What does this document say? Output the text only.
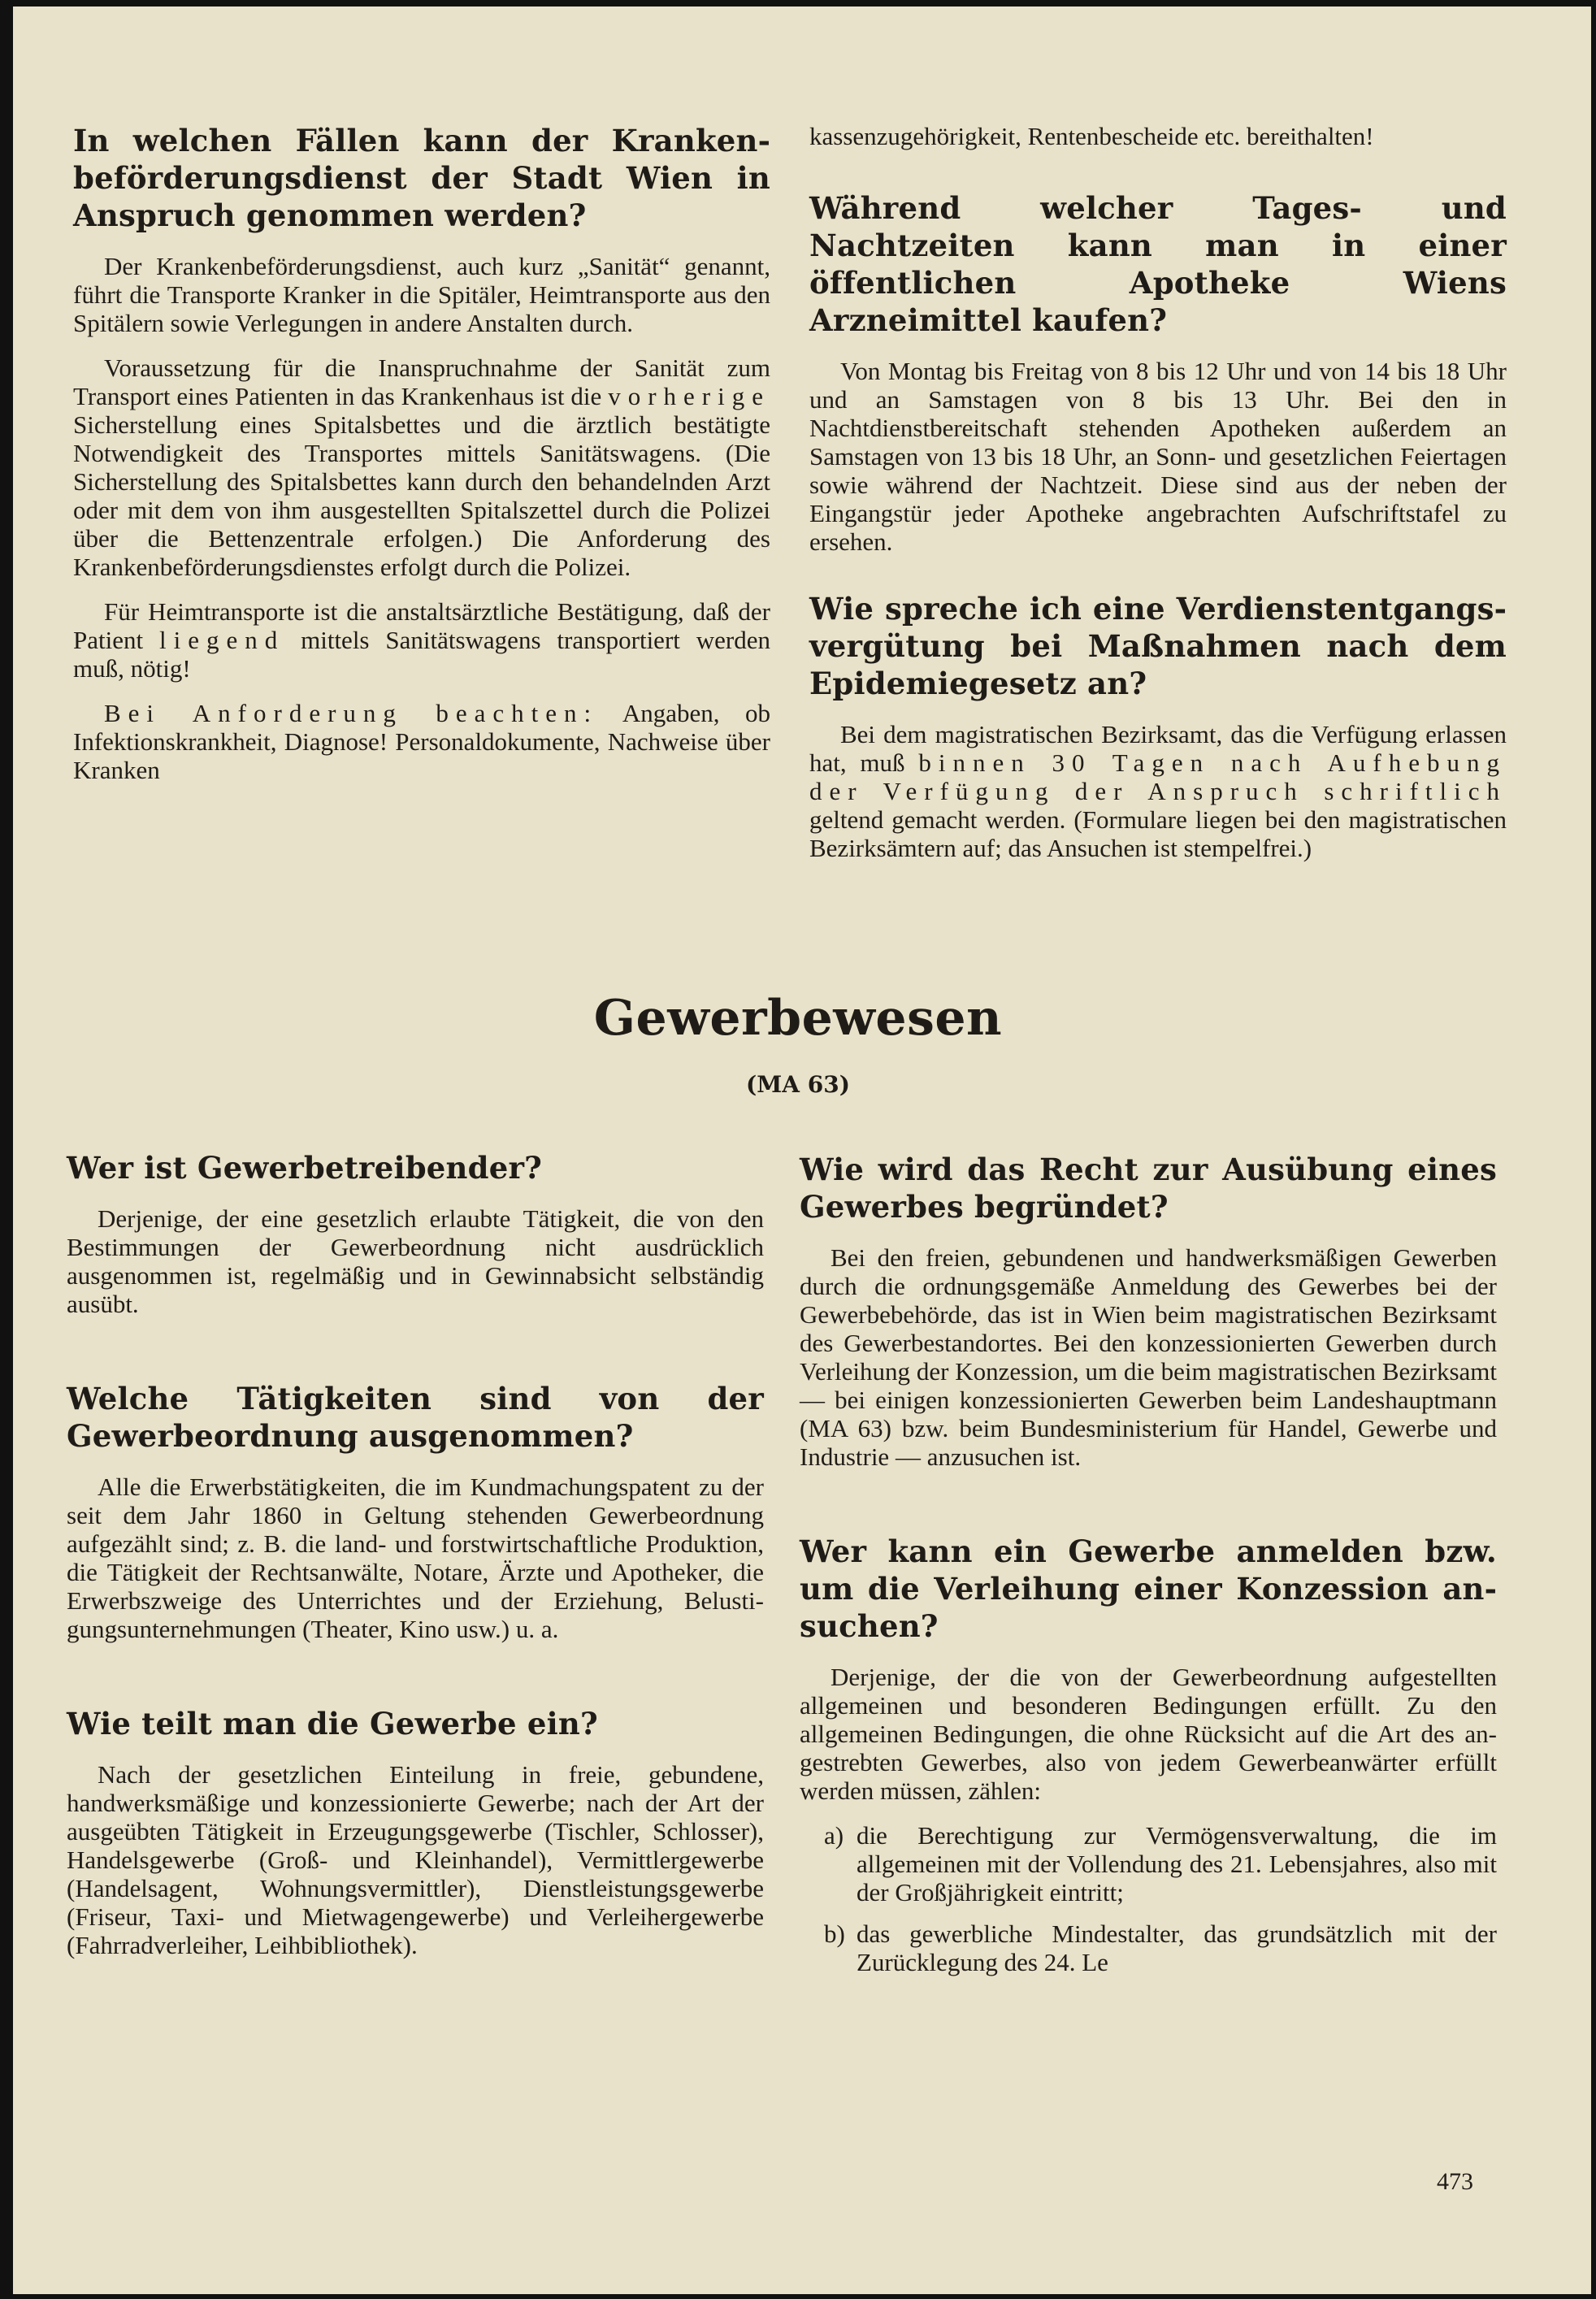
In welchen Fällen kann der Krankenbeförderungsdienst der Stadt Wien in Anspruch genommen werden?

Der Krankenbeförderungsdienst, auch kurz „Sanität“ genannt, führt die Transporte Kranker in die Spitäler, Heimtransporte aus den Spitälern sowie Verlegungen in andere Anstalten durch.

Voraussetzung für die Inanspruchnahme der Sanität zum Transport eines Patienten in das Krankenhaus ist die vorherige Sicherstellung eines Spitalsbettes und die ärztlich bestätigte Notwendigkeit des Transportes mittels Sanitätswagens. (Die Sicherstellung des Spitalsbettes kann durch den behandelnden Arzt oder mit dem von ihm ausgestellten Spitalszettel durch die Polizei über die Bettenzentrale erfolgen.) Die Anforderung des Krankenbeförderungsdienstes erfolgt durch die Polizei.

Für Heimtransporte ist die anstaltsärztliche Bestätigung, daß der Patient liegend mittels Sanitätswagens transportiert werden muß, nötig!

Bei Anforderung beachten: Angaben, ob Infektionskrankheit, Diagnose! Personaldokumente, Nachweise über Kranken

kassenzugehörigkeit, Rentenbescheide etc. bereithalten!

Während welcher Tages- und Nachtzeiten kann man in einer öffentlichen Apotheke Wiens Arzneimittel kaufen?

Von Montag bis Freitag von 8 bis 12 Uhr und von 14 bis 18 Uhr und an Samstagen von 8 bis 13 Uhr. Bei den in Nachtdienstbereitschaft stehenden Apotheken außerdem an Samstagen von 13 bis 18 Uhr, an Sonn- und gesetzlichen Feiertagen sowie während der Nachtzeit. Diese sind aus der neben der Eingangstür jeder Apotheke angebrachten Aufschriftstafel zu ersehen.

Wie spreche ich eine Verdienstentgangsvergütung bei Maßnahmen nach dem Epidemiegesetz an?

Bei dem magistratischen Bezirksamt, das die Verfügung erlassen hat, muß binnen 30 Tagen nach Aufhebung der Verfügung der Anspruch schriftlich geltend gemacht werden. (Formulare liegen bei den magistratischen Bezirksämtern auf; das Ansuchen ist stempelfrei.)

Gewerbewesen
(MA 63)
Wer ist Gewerbetreibender?

Derjenige, der eine gesetzlich erlaubte Tätigkeit, die von den Bestimmungen der Gewerbeordnung nicht ausdrücklich ausgenommen ist, regelmäßig und in Gewinnabsicht selbständig ausübt.

Welche Tätigkeiten sind von der Gewerbeordnung ausgenommen?

Alle die Erwerbstätigkeiten, die im Kundmachungspatent zu der seit dem Jahr 1860 in Geltung stehenden Gewerbeordnung aufgezählt sind; z. B. die land- und forstwirtschaftliche Produktion, die Tätigkeit der Rechtsanwälte, Notare, Ärzte und Apotheker, die Erwerbszweige des Unterrichtes und der Erziehung, Belustigungsunternehmungen (Theater, Kino usw.) u. a.

Wie teilt man die Gewerbe ein?

Nach der gesetzlichen Einteilung in freie, gebundene, handwerksmäßige und konzessionierte Gewerbe; nach der Art der ausgeübten Tätigkeit in Erzeugungsgewerbe (Tischler, Schlosser), Handelsgewerbe (Groß- und Kleinhandel), Vermittlergewerbe (Handelsagent, Wohnungsvermittler), Dienstleistungsgewerbe (Friseur, Taxi- und Mietwagengewerbe) und Verleihergewerbe (Fahrradverleiher, Leihbibliothek).

Wie wird das Recht zur Ausübung eines Gewerbes begründet?

Bei den freien, gebundenen und handwerksmäßigen Gewerben durch die ordnungsgemäße Anmeldung des Gewerbes bei der Gewerbebehörde, das ist in Wien beim magistratischen Bezirksamt des Gewerbestandortes. Bei den konzessionierten Gewerben durch Verleihung der Konzession, um die beim magistratischen Bezirksamt — bei einigen konzessionierten Gewerben beim Landeshauptmann (MA 63) bzw. beim Bundesministerium für Handel, Gewerbe und Industrie — anzusuchen ist.

Wer kann ein Gewerbe anmelden bzw. um die Verleihung einer Konzession ansuchen?

Derjenige, der die von der Gewerbeordnung aufgestellten allgemeinen und besonderen Bedingungen erfüllt. Zu den allgemeinen Bedingungen, die ohne Rücksicht auf die Art des angestrebten Gewerbes, also von jedem Gewerbeanwärter erfüllt werden müssen, zählen:

a) die Berechtigung zur Vermögensverwaltung, die im allgemeinen mit der Vollendung des 21. Lebensjahres, also mit der Großjährigkeit eintritt;
b) das gewerbliche Mindestalter, das grundsätzlich mit der Zurücklegung des 24. Le
473
